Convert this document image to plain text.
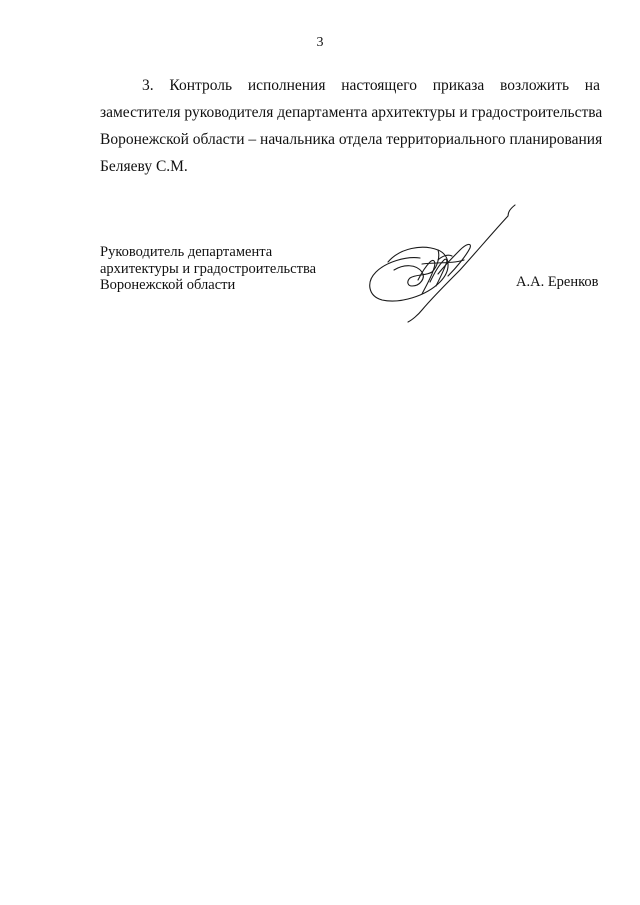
3
3. Контроль исполнения настоящего приказа возложить на
заместителя руководителя департамента архитектуры и градостроительства
Воронежской области – начальника отдела территориального планирования
Беляеву С.М.
Руководитель департамента
архитектуры и градостроительства
Воронежской области	А.А. Еренков
